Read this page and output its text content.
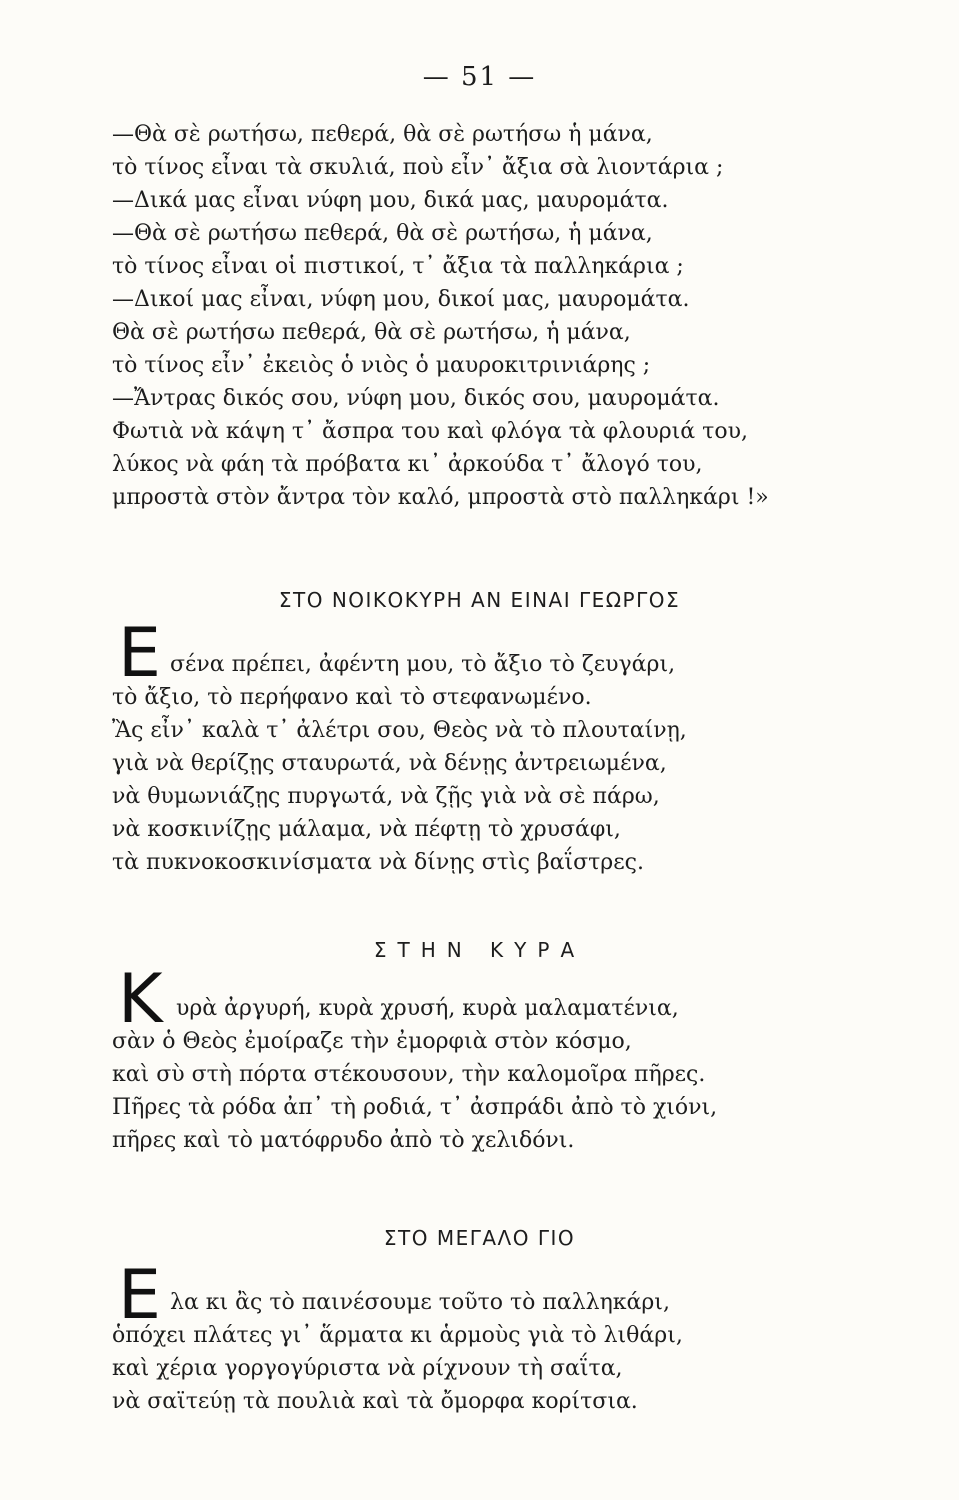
— 51 —
—Θὰ σὲ ρωτήσω, πεθερά, θὰ σὲ ρωτήσω ἡ μάνα,
τὸ τίνος εἶναι τὰ σκυλιά, ποὺ εἶν᾿ ἄξια σὰ λιοντάρια ;
—Δικά μας εἶναι νύφη μου, δικά μας, μαυρομάτα.
—Θὰ σὲ ρωτήσω πεθερά, θὰ σὲ ρωτήσω, ἡ μάνα,
τὸ τίνος εἶναι οἱ πιστικοί, τ᾿ ἄξια τὰ παλληκάρια ;
—Δικοί μας εἶναι, νύφη μου, δικοί μας, μαυρομάτα.
Θὰ σὲ ρωτήσω πεθερά, θὰ σὲ ρωτήσω, ἡ μάνα,
τὸ τίνος εἶν᾿ ἐκειὸς ὁ νιὸς ὁ μαυροκιτρινιάρης ;
—Ἄντρας δικός σου, νύφη μου, δικός σου, μαυρομάτα.
Φωτιὰ νὰ κάψη τ᾿ ἄσπρα του καὶ φλόγα τὰ φλουριά του,
λύκος νὰ φάη τὰ πρόβατα κι᾿ ἀρκούδα τ᾿ ἄλογό του,
μπροστὰ στὸν ἄντρα τὸν καλό, μπροστὰ στὸ παλληκάρι !»
ΣΤΟ ΝΟΙΚΟΚΥΡΗ ΑΝ ΕΙΝΑΙ ΓΕΩΡΓΟΣ
Ε σένα πρέπει, ἀφέντη μου, τὸ ἄξιο τὸ ζευγάρι,
τὸ ἄξιο, τὸ περήφανο καὶ τὸ στεφανωμένο.
Ἂς εἶν᾿ καλὰ τ᾿ ἀλέτρι σου, Θεὸς νὰ τὸ πλουταίνῃ,
γιὰ νὰ θερίζῃς σταυρωτά, νὰ δένῃς ἀντρειωμένα,
νὰ θυμωνιάζῃς πυργωτά, νὰ ζῇς γιὰ νὰ σὲ πάρω,
νὰ κοσκινίζῃς μάλαμα, νὰ πέφτῃ τὸ χρυσάφι,
τὰ πυκνοκοσκινίσματα νὰ δίνῃς στὶς βαΐστρες.
ΣΤΗΝ ΚΥΡΑ
Κ υρὰ ἀργυρή, κυρὰ χρυσή, κυρὰ μαλαματένια,
σὰν ὁ Θεὸς ἐμοίραζε τὴν ἐμορφιὰ στὸν κόσμο,
καὶ σὺ στὴ πόρτα στέκουσουν, τὴν καλομοῖρα πῆρες.
Πῆρες τὰ ρόδα ἀπ᾿ τὴ ροδιά, τ᾿ ἀσπράδι ἀπὸ τὸ χιόνι,
πῆρες καὶ τὸ ματόφρυδο ἀπὸ τὸ χελιδόνι.
ΣΤΟ ΜΕΓΑΛΟ ΓΙΟ
Ε λα κι ἂς τὸ παινέσουμε τοῦτο τὸ παλληκάρι,
ὁπόχει πλάτες γι᾿ ἅρματα κι ἁρμοὺς γιὰ τὸ λιθάρι,
καὶ χέρια γοργογύριστα νὰ ρίχνουν τὴ σαΐτα,
νὰ σαϊτεύῃ τὰ πουλιὰ καὶ τὰ ὄμορφα κορίτσια.
